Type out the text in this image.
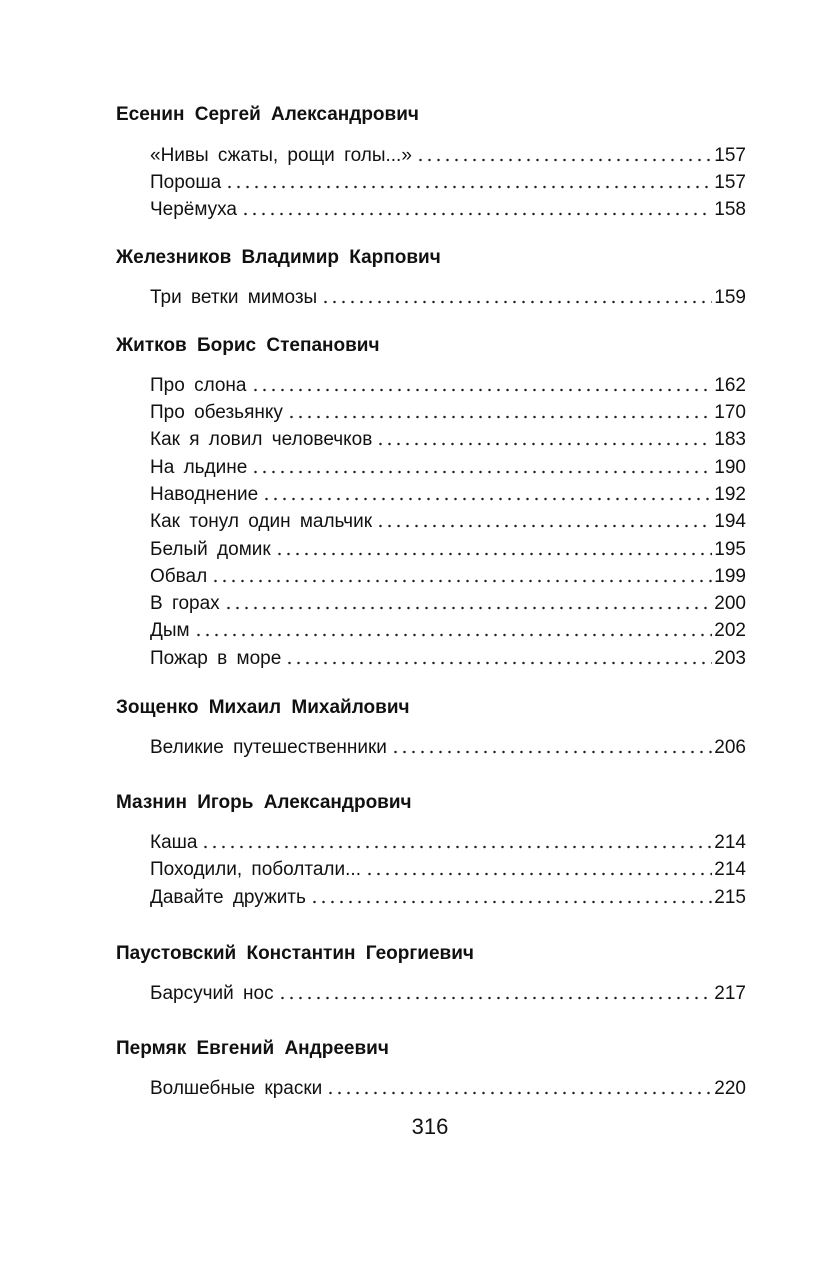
Есенин Сергей Александрович
«Нивы сжаты, рощи голы...»	157
Пороша	157
Черёмуха	158
Железников Владимир Карпович
Три ветки мимозы	159
Житков Борис Степанович
Про слона	162
Про обезьянку	170
Как я ловил человечков	183
На льдине	190
Наводнение	192
Как тонул один мальчик	194
Белый домик	195
Обвал	199
В горах	200
Дым	202
Пожар в море	203
Зощенко Михаил Михайлович
Великие путешественники	206
Мазнин Игорь Александрович
Каша	214
Походили, поболтали...	214
Давайте дружить	215
Паустовский Константин Георгиевич
Барсучий нос	217
Пермяк Евгений Андреевич
Волшебные краски	220
316
